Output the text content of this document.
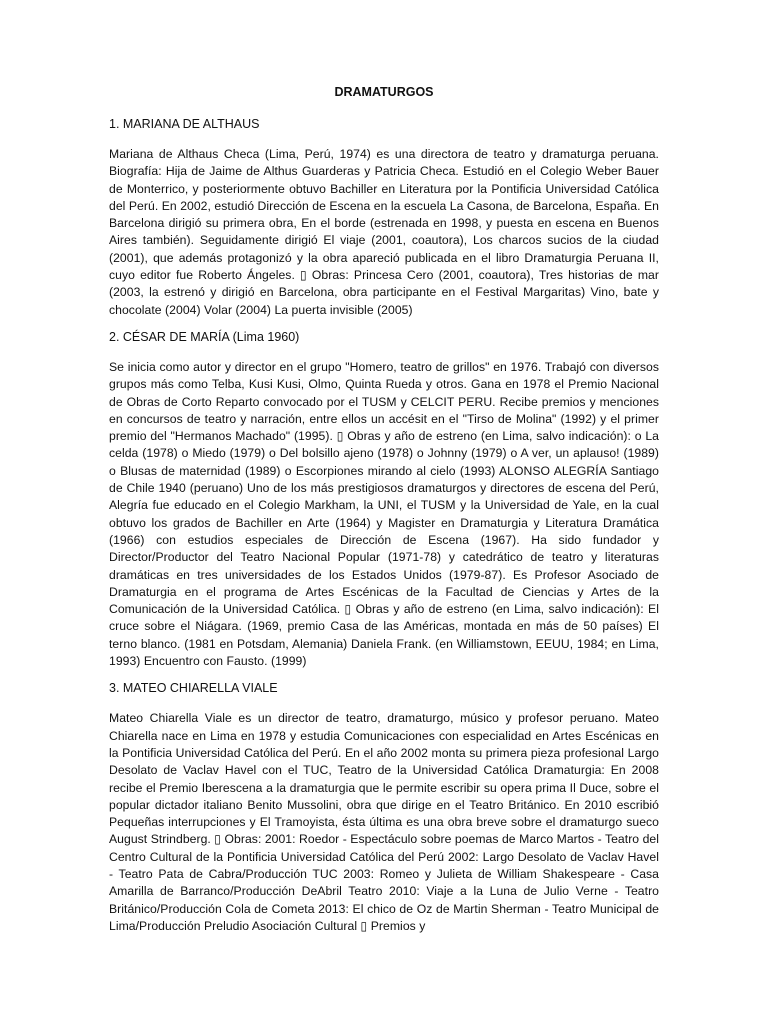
DRAMATURGOS
1. MARIANA DE ALTHAUS

Mariana de Althaus Checa (Lima, Perú, 1974) es una directora de teatro y dramaturga peruana. Biografía: Hija de Jaime de Althus Guarderas y Patricia Checa. Estudió en el Colegio Weber Bauer de Monterrico, y posteriormente obtuvo Bachiller en Literatura por la Pontificia Universidad Católica del Perú. En 2002, estudió Dirección de Escena en la escuela La Casona, de Barcelona, España. En Barcelona dirigió su primera obra, En el borde (estrenada en 1998, y puesta en escena en Buenos Aires también). Seguidamente dirigió El viaje (2001, coautora), Los charcos sucios de la ciudad (2001), que además protagonizó y la obra apareció publicada en el libro Dramaturgia Peruana II, cuyo editor fue Roberto Ángeles. ▯ Obras: Princesa Cero (2001, coautora), Tres historias de mar (2003, la estrenó y dirigió en Barcelona, obra participante en el Festival Margaritas) Vino, bate y chocolate (2004) Volar (2004) La puerta invisible (2005)

2. CÉSAR DE MARÍA (Lima 1960)

Se inicia como autor y director en el grupo "Homero, teatro de grillos" en 1976. Trabajó con diversos grupos más como Telba, Kusi Kusi, Olmo, Quinta Rueda y otros. Gana en 1978 el Premio Nacional de Obras de Corto Reparto convocado por el TUSM y CELCIT PERU. Recibe premios y menciones en concursos de teatro y narración, entre ellos un accésit en el "Tirso de Molina" (1992) y el primer premio del "Hermanos Machado" (1995). ▯ Obras y año de estreno (en Lima, salvo indicación): o La celda (1978) o Miedo (1979) o Del bolsillo ajeno (1978) o Johnny (1979) o A ver, un aplauso! (1989) o Blusas de maternidad (1989) o Escorpiones mirando al cielo (1993) ALONSO ALEGRÍA Santiago de Chile 1940 (peruano) Uno de los más prestigiosos dramaturgos y directores de escena del Perú, Alegría fue educado en el Colegio Markham, la UNI, el TUSM y la Universidad de Yale, en la cual obtuvo los grados de Bachiller en Arte (1964) y Magister en Dramaturgia y Literatura Dramática (1966) con estudios especiales de Dirección de Escena (1967). Ha sido fundador y Director/Productor del Teatro Nacional Popular (1971-78) y catedrático de teatro y literaturas dramáticas en tres universidades de los Estados Unidos (1979-87). Es Profesor Asociado de Dramaturgia en el programa de Artes Escénicas de la Facultad de Ciencias y Artes de la Comunicación de la Universidad Católica. ▯ Obras y año de estreno (en Lima, salvo indicación): El cruce sobre el Niágara. (1969, premio Casa de las Américas, montada en más de 50 países) El terno blanco. (1981 en Potsdam, Alemania) Daniela Frank. (en Williamstown, EEUU, 1984; en Lima, 1993) Encuentro con Fausto. (1999)

3. MATEO CHIARELLA VIALE

Mateo Chiarella Viale es un director de teatro, dramaturgo, músico y profesor peruano. Mateo Chiarella nace en Lima en 1978 y estudia Comunicaciones con especialidad en Artes Escénicas en la Pontificia Universidad Católica del Perú. En el año 2002 monta su primera pieza profesional Largo Desolato de Vaclav Havel con el TUC, Teatro de la Universidad Católica Dramaturgia: En 2008 recibe el Premio Iberescena a la dramaturgia que le permite escribir su opera prima Il Duce, sobre el popular dictador italiano Benito Mussolini, obra que dirige en el Teatro Británico. En 2010 escribió Pequeñas interrupciones y El Tramoyista, ésta última es una obra breve sobre el dramaturgo sueco August Strindberg. ▯ Obras: 2001: Roedor - Espectáculo sobre poemas de Marco Martos - Teatro del Centro Cultural de la Pontificia Universidad Católica del Perú 2002: Largo Desolato de Vaclav Havel - Teatro Pata de Cabra/Producción TUC 2003: Romeo y Julieta de William Shakespeare - Casa Amarilla de Barranco/Producción DeAbril Teatro 2010: Viaje a la Luna de Julio Verne - Teatro Británico/Producción Cola de Cometa 2013: El chico de Oz de Martin Sherman - Teatro Municipal de Lima/Producción Preludio Asociación Cultural ▯ Premios y
